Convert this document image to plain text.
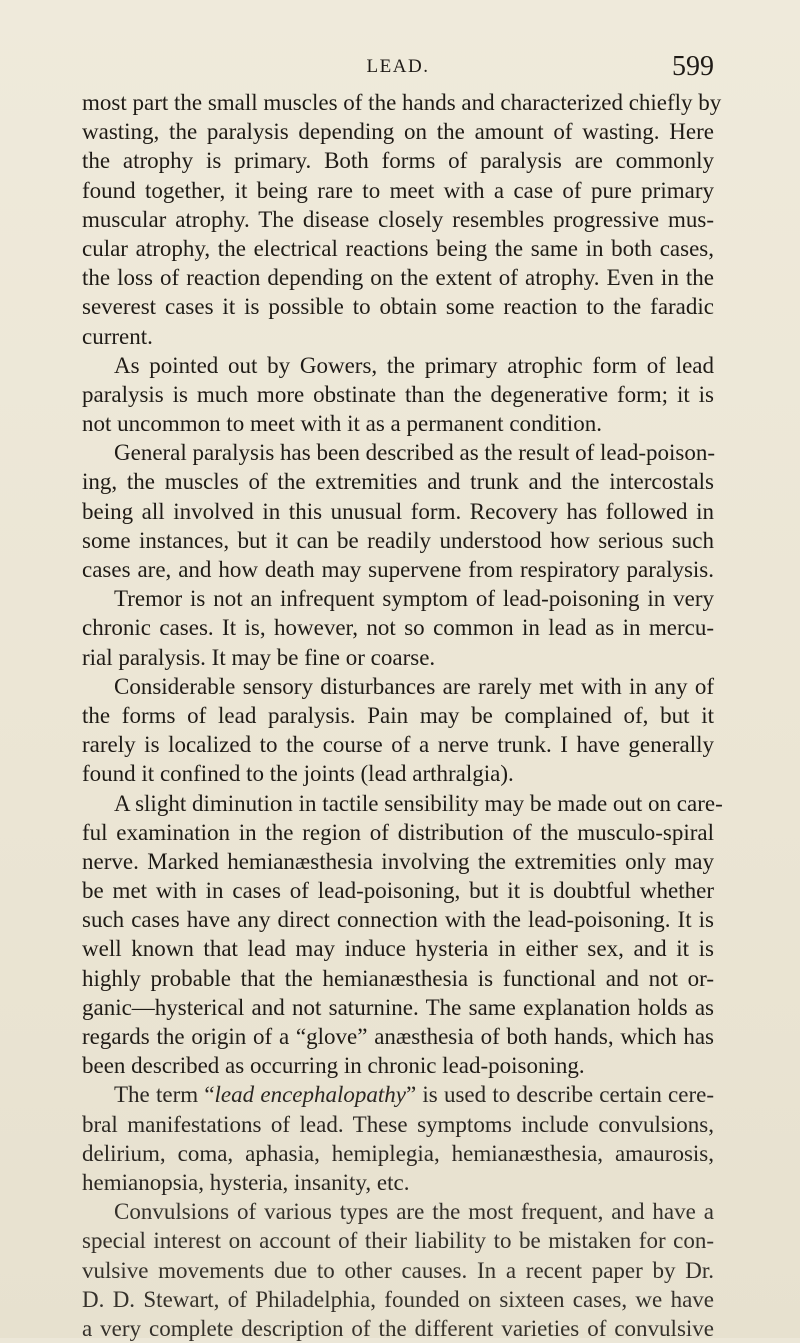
LEAD.	599
most part the small muscles of the hands and characterized chiefly by
wasting, the paralysis depending on the amount of wasting. Here
the atrophy is primary. Both forms of paralysis are commonly
found together, it being rare to meet with a case of pure primary
muscular atrophy. The disease closely resembles progressive mus-
cular atrophy, the electrical reactions being the same in both cases,
the loss of reaction depending on the extent of atrophy. Even in the
severest cases it is possible to obtain some reaction to the faradic
current.
As pointed out by Gowers, the primary atrophic form of lead
paralysis is much more obstinate than the degenerative form; it is
not uncommon to meet with it as a permanent condition.
General paralysis has been described as the result of lead-poison-
ing, the muscles of the extremities and trunk and the intercostals
being all involved in this unusual form. Recovery has followed in
some instances, but it can be readily understood how serious such
cases are, and how death may supervene from respiratory paralysis.
Tremor is not an infrequent symptom of lead-poisoning in very
chronic cases. It is, however, not so common in lead as in mercu-
rial paralysis. It may be fine or coarse.
Considerable sensory disturbances are rarely met with in any of
the forms of lead paralysis. Pain may be complained of, but it
rarely is localized to the course of a nerve trunk. I have generally
found it confined to the joints (lead arthralgia).
A slight diminution in tactile sensibility may be made out on care-
ful examination in the region of distribution of the musculo-spiral
nerve. Marked hemianæsthesia involving the extremities only may
be met with in cases of lead-poisoning, but it is doubtful whether
such cases have any direct connection with the lead-poisoning. It is
well known that lead may induce hysteria in either sex, and it is
highly probable that the hemianæsthesia is functional and not or-
ganic—hysterical and not saturnine. The same explanation holds as
regards the origin of a “glove” anæsthesia of both hands, which has
been described as occurring in chronic lead-poisoning.
The term “lead encephalopathy” is used to describe certain cere-
bral manifestations of lead. These symptoms include convulsions,
delirium, coma, aphasia, hemiplegia, hemianæsthesia, amaurosis,
hemianopsia, hysteria, insanity, etc.
Convulsions of various types are the most frequent, and have a
special interest on account of their liability to be mistaken for con-
vulsive movements due to other causes. In a recent paper by Dr.
D. D. Stewart, of Philadelphia, founded on sixteen cases, we have
a very complete description of the different varieties of convulsive
